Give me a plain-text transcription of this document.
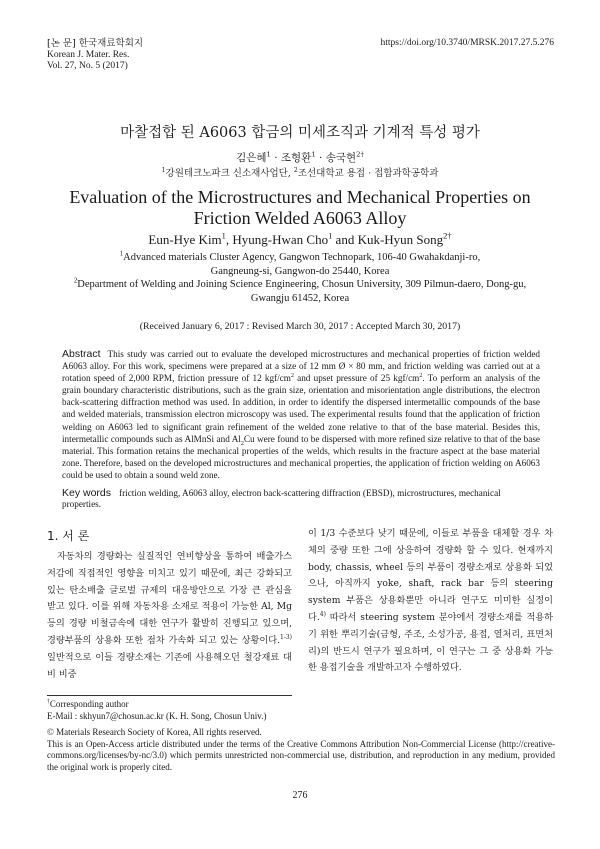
[논 문] 한국재료학회지
Korean J. Mater. Res.
Vol. 27, No. 5 (2017)
https://doi.org/10.3740/MRSK.2017.27.5.276
마찰접합 된 A6063 합금의 미세조직과 기계적 특성 평가
김은혜$^1$ · 조형환$^1$ · 송국현$^{2\dagger}$
$^1$강원테크노파크 신소재사업단, $^2$조선대학교 용접 · 접합과학공학과
Evaluation of the Microstructures and Mechanical Properties on
Friction Welded A6063 Alloy
Eun-Hye Kim$^1$, Hyung-Hwan Cho$^1$ and Kuk-Hyun Song$^{2\dagger}$
$^1$Advanced materials Cluster Agency, Gangwon Technopark, 106-40 Gwahakdanji-ro,
Gangneung-si, Gangwon-do 25440, Korea
$^2$Department of Welding and Joining Science Engineering, Chosun University, 309 Pilmun-daero, Dong-gu,
Gwangju 61452, Korea
(Received January 6, 2017 : Revised March 30, 2017 : Accepted March 30, 2017)
Abstract This study was carried out to evaluate the developed microstructures and mechanical properties of friction welded A6063 alloy. For this work, specimens were prepared at a size of 12 mm Ø × 80 mm, and friction welding was carried out at a rotation speed of 2,000 RPM, friction pressure of 12 kgf/$cm^2$ and upset pressure of 25 kgf/$cm^2$. To perform an analysis of the grain boundary characteristic distributions, such as the grain size, orientation and misorientation angle distributions, the electron back-scattering diffraction method was used. In addition, in order to identify the dispersed intermetallic compounds of the base and welded materials, transmission electron microscopy was used. The experimental results found that the application of friction welding on A6063 led to significant grain refinement of the welded zone relative to that of the base material. Besides this, intermetallic compounds such as AlMnSi and $Al_2Cu$ were found to be dispersed with more refined size relative to that of the base material. This formation retains the mechanical properties of the welds, which results in the fracture aspect at the base material zone. Therefore, based on the developed microstructures and mechanical properties, the application of friction welding on A6063 could be used to obtain a sound weld zone.
Key words friction welding, A6063 alloy, electron back-scattering diffraction (EBSD), microstructures, mechanical properties.
1. 서 론
자동차의 경량화는 실질적인 연비향상을 통하여 배출가스 저감에 직접적인 영향을 미치고 있기 때문에, 최근 강화되고 있는 탄소배출 글로벌 규제의 대응방안으로 가장 큰 관심을 받고 있다. 이를 위해 자동차용 소재로 적용이 가능한 Al, Mg 등의 경량 비철금속에 대한 연구가 활발히 진행되고 있으며, 경량부품의 상용화 또한 점차 가속화 되고 있는 상황이다.$^{1-3)}$ 일반적으로 이들 경량소재는 기존에 사용해오던 철강재료 대비 비중
이 1/3 수준보다 낮기 때문에, 이들로 부품을 대체할 경우 차체의 중량 또한 그에 상응하여 경량화 할 수 있다. 현재까지 body, chassis, wheel 등의 부품이 경량소재로 상용화 되었으나, 아직까지 yoke, shaft, rack bar 등의 steering system 부품은 상용화뿐만 아니라 연구도 미미한 실정이다.$^{4)}$ 따라서 steering system 분야에서 경량소재를 적용하기 위한 뿌리기술(금형, 주조, 소성가공, 용접, 열처리, 표면처리)의 반드시 연구가 필요하며, 이 연구는 그 중 상용화 가능한 용접기술을 개발하고자 수행하였다.
†Corresponding author
E-Mail : skhyun7@chosun.ac.kr (K. H. Song, Chosun Univ.)
© Materials Research Society of Korea, All rights reserved.
This is an Open-Access article distributed under the terms of the Creative Commons Attribution Non-Commercial License (http://creative-commons.org/licenses/by-nc/3.0) which permits unrestricted non-commercial use, distribution, and reproduction in any medium, provided the original work is properly cited.
276
